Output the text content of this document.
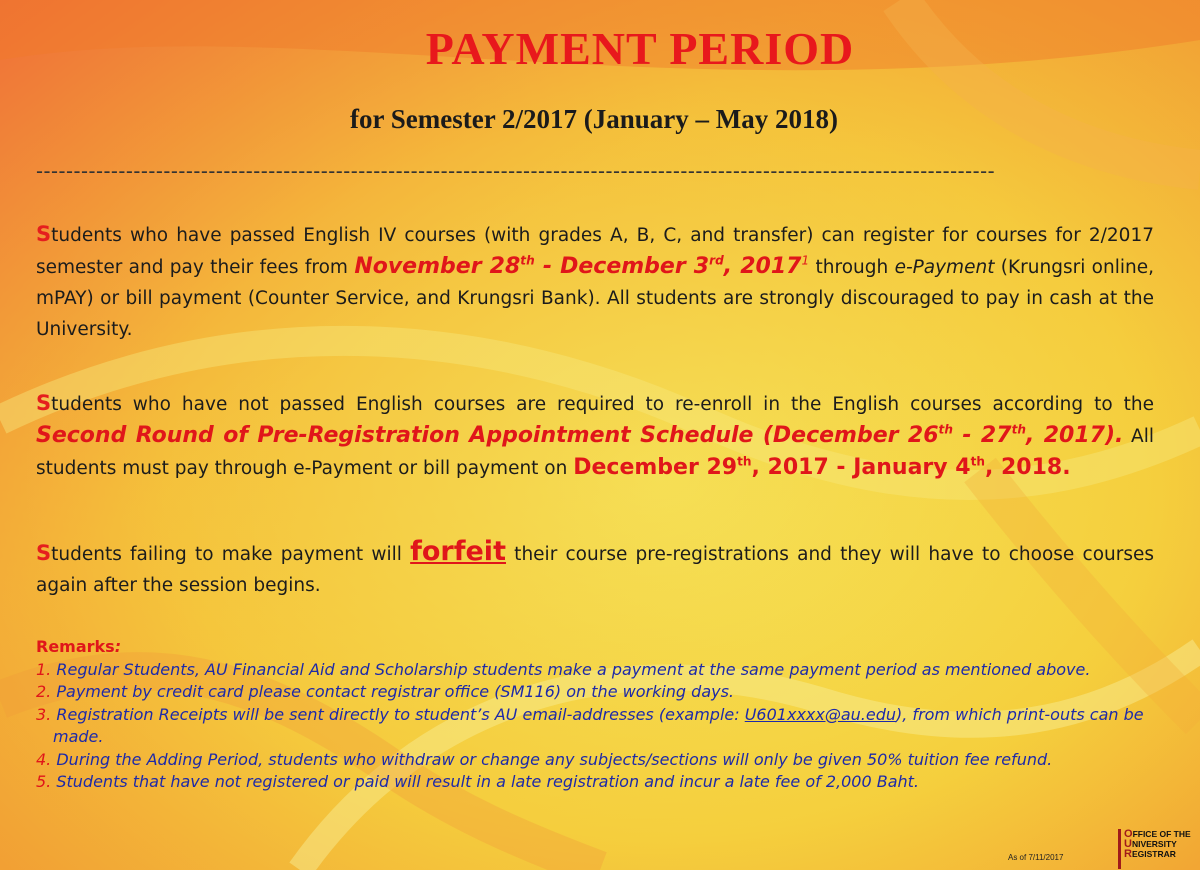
PAYMENT PERIOD
for Semester 2/2017 (January – May 2018)
--------------------------------------------------------------------------------------------------------------------------------
Students who have passed English IV courses (with grades A, B, C, and transfer) can register for courses for 2/2017 semester and pay their fees from November 28th - December 3rd, 2017$^1$ through e-Payment (Krungsri online, mPAY) or bill payment (Counter Service, and Krungsri Bank). All students are strongly discouraged to pay in cash at the University.
Students who have not passed English courses are required to re-enroll in the English courses according to the Second Round of Pre-Registration Appointment Schedule (December 26th - 27th, 2017). All students must pay through e-Payment or bill payment on December 29th, 2017 - January 4th, 2018.
Students failing to make payment will forfeit their course pre-registrations and they will have to choose courses again after the session begins.
Remarks:
1. Regular Students, AU Financial Aid and Scholarship students make a payment at the same payment period as mentioned above.
2. Payment by credit card please contact registrar office (SM116) on the working days.
3. Registration Receipts will be sent directly to student’s AU email-addresses (example: U601xxxx@au.edu), from which print-outs can be made.
4. During the Adding Period, students who withdraw or change any subjects/sections will only be given 50% tuition fee refund.
5. Students that have not registered or paid will result in a late registration and incur a late fee of 2,000 Baht.
As of 7/11/2017
OFFICE OF THE
UNIVERSITY
REGISTRAR
